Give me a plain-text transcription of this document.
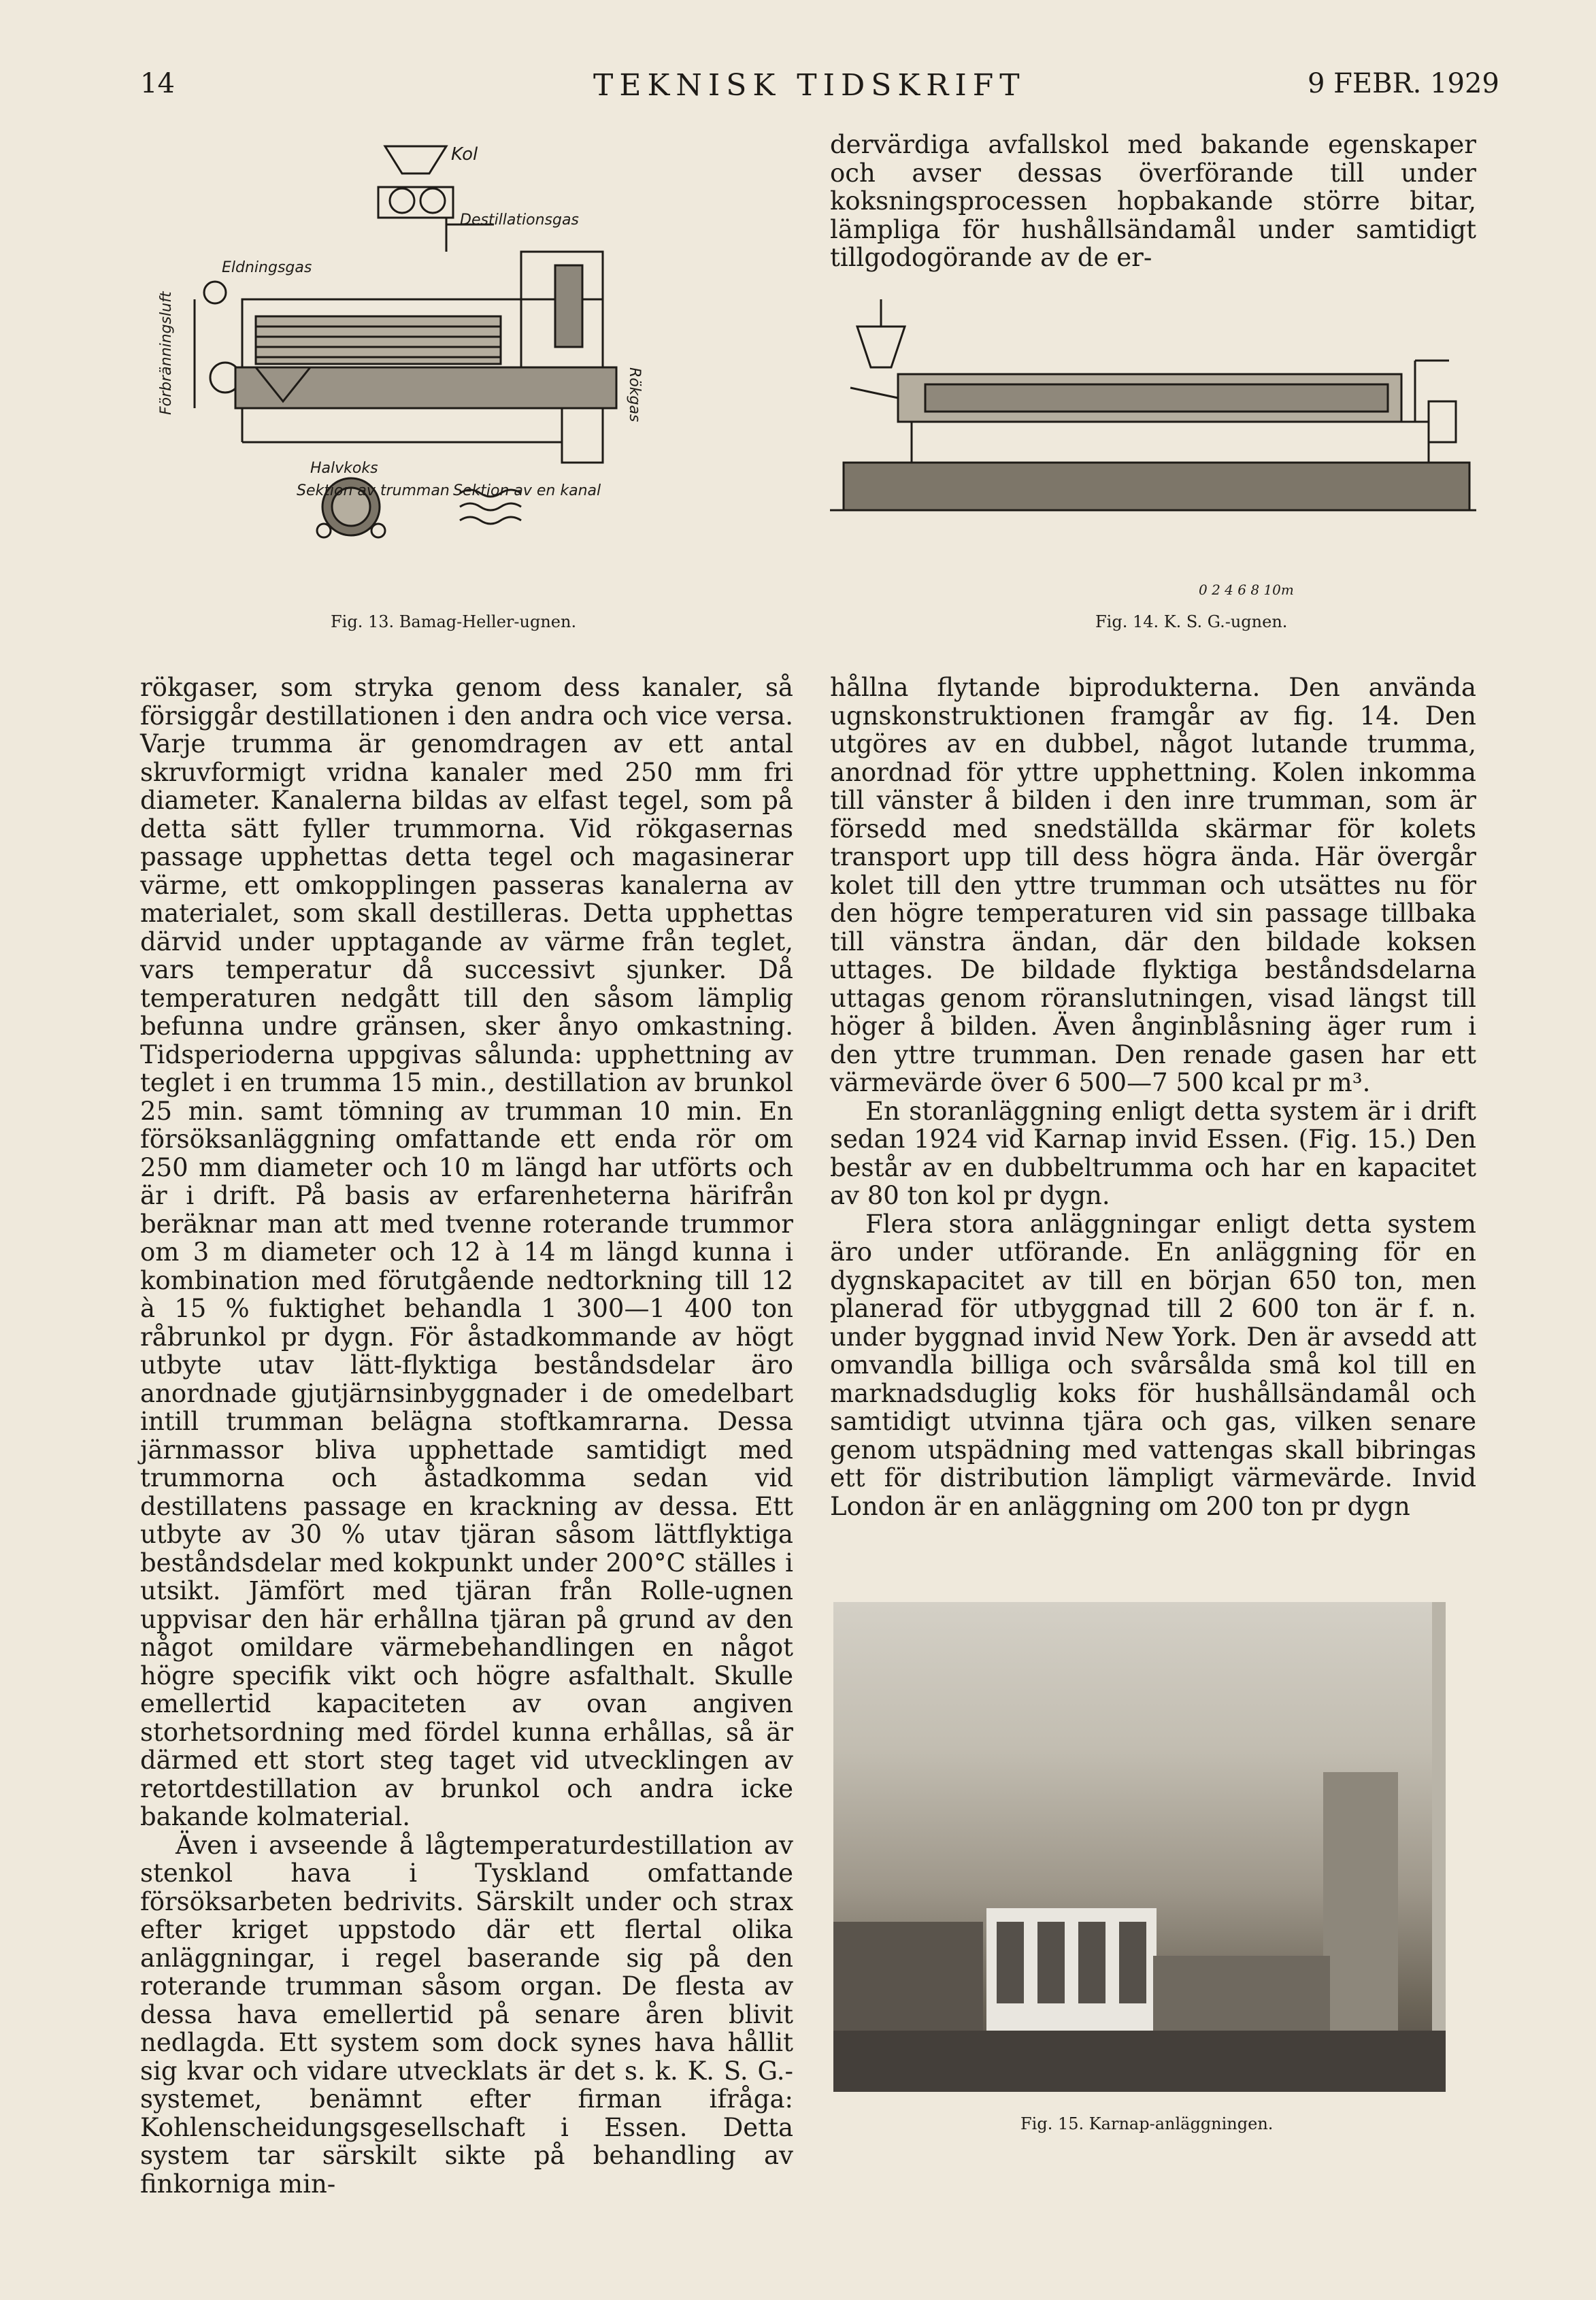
14	TEKNISK TIDSKRIFT	9 FEBR. 1929
Kol
Destillationsgas
Eldningsgas
Förbränningsluft	Rökgas
Halvkoks
Sektion av trumman Sektion av en kanal
Fig. 13. Bamag-Heller-ugnen.
0 2 4 6 8 10m
Fig. 14. K. S. G.-ugnen.
Fig. 15. Karnap-anläggningen.

dervärdiga avfallskol med bakande egenskaper och avser dessas överförande till under koksningsprocessen hopbakande större bitar, lämpliga för hushållsändamål under samtidigt tillgodogörande av de er-

rökgaser, som stryka genom dess kanaler, så försiggår destillationen i den andra och vice versa. Varje trumma är genomdragen av ett antal skruvformigt vridna kanaler med 250 mm fri diameter. Kanalerna bildas av elfast tegel, som på detta sätt fyller trummorna. Vid rökgasernas passage upphettas detta tegel och magasinerar värme, ett omkopplingen passeras kanalerna av materialet, som skall destilleras. Detta upphettas därvid under upptagande av värme från teglet, vars temperatur då successivt sjunker. Då temperaturen nedgått till den såsom lämplig befunna undre gränsen, sker ånyo omkastning. Tidsperioderna uppgivas sålunda: upphettning av teglet i en trumma 15 min., destillation av brunkol 25 min. samt tömning av trumman 10 min. En försöksanläggning omfattande ett enda rör om 250 mm diameter och 10 m längd har utförts och är i drift. På basis av erfarenheterna härifrån beräknar man att med tvenne roterande trummor om 3 m diameter och 12 à 14 m längd kunna i kombination med förutgående nedtorkning till 12 à 15 % fuktighet behandla 1 300—1 400 ton råbrunkol pr dygn. För åstadkommande av högt utbyte utav lätt-flyktiga beståndsdelar äro anordnade gjutjärnsinbyggnader i de omedelbart intill trumman belägna stoftkamrarna. Dessa järnmassor bliva upphettade samtidigt med trummorna och åstadkomma sedan vid destillatens passage en krackning av dessa. Ett utbyte av 30 % utav tjäran såsom lättflyktiga beståndsdelar med kokpunkt under 200°C ställes i utsikt. Jämfört med tjäran från Rolle-ugnen uppvisar den här erhållna tjäran på grund av den något omildare värmebehandlingen en något högre specifik vikt och högre asfalthalt. Skulle emellertid kapaciteten av ovan angiven storhetsordning med fördel kunna erhållas, så är därmed ett stort steg taget vid utvecklingen av retortdestillation av brunkol och andra icke bakande kolmaterial.

Även i avseende å lågtemperaturdestillation av stenkol hava i Tyskland omfattande försöksarbeten bedrivits. Särskilt under och strax efter kriget uppstodo där ett flertal olika anläggningar, i regel baserande sig på den roterande trumman såsom organ. De flesta av dessa hava emellertid på senare åren blivit nedlagda. Ett system som dock synes hava hållit sig kvar och vidare utvecklats är det s. k. K. S. G.-systemet, benämnt efter firman ifråga: Kohlenscheidungsgesellschaft i Essen. Detta system tar särskilt sikte på behandling av finkorniga min-

hållna flytande biprodukterna. Den använda ugnskonstruktionen framgår av fig. 14. Den utgöres av en dubbel, något lutande trumma, anordnad för yttre upphettning. Kolen inkomma till vänster å bilden i den inre trumman, som är försedd med snedställda skärmar för kolets transport upp till dess högra ända. Här övergår kolet till den yttre trumman och utsättes nu för den högre temperaturen vid sin passage tillbaka till vänstra ändan, där den bildade koksen uttages. De bildade flyktiga beståndsdelarna uttagas genom röranslutningen, visad längst till höger å bilden. Även ånginblåsning äger rum i den yttre trumman. Den renade gasen har ett värmevärde över 6 500—7 500 kcal pr m³.

En storanläggning enligt detta system är i drift sedan 1924 vid Karnap invid Essen. (Fig. 15.) Den består av en dubbeltrumma och har en kapacitet av 80 ton kol pr dygn.

Flera stora anläggningar enligt detta system äro under utförande. En anläggning för en dygnskapacitet av till en början 650 ton, men planerad för utbyggnad till 2 600 ton är f. n. under byggnad invid New York. Den är avsedd att omvandla billiga och svårsålda små kol till en marknadsduglig koks för hushållsändamål och samtidigt utvinna tjära och gas, vilken senare genom utspädning med vattengas skall bibringas ett för distribution lämpligt värmevärde. Invid London är en anläggning om 200 ton pr dygn
